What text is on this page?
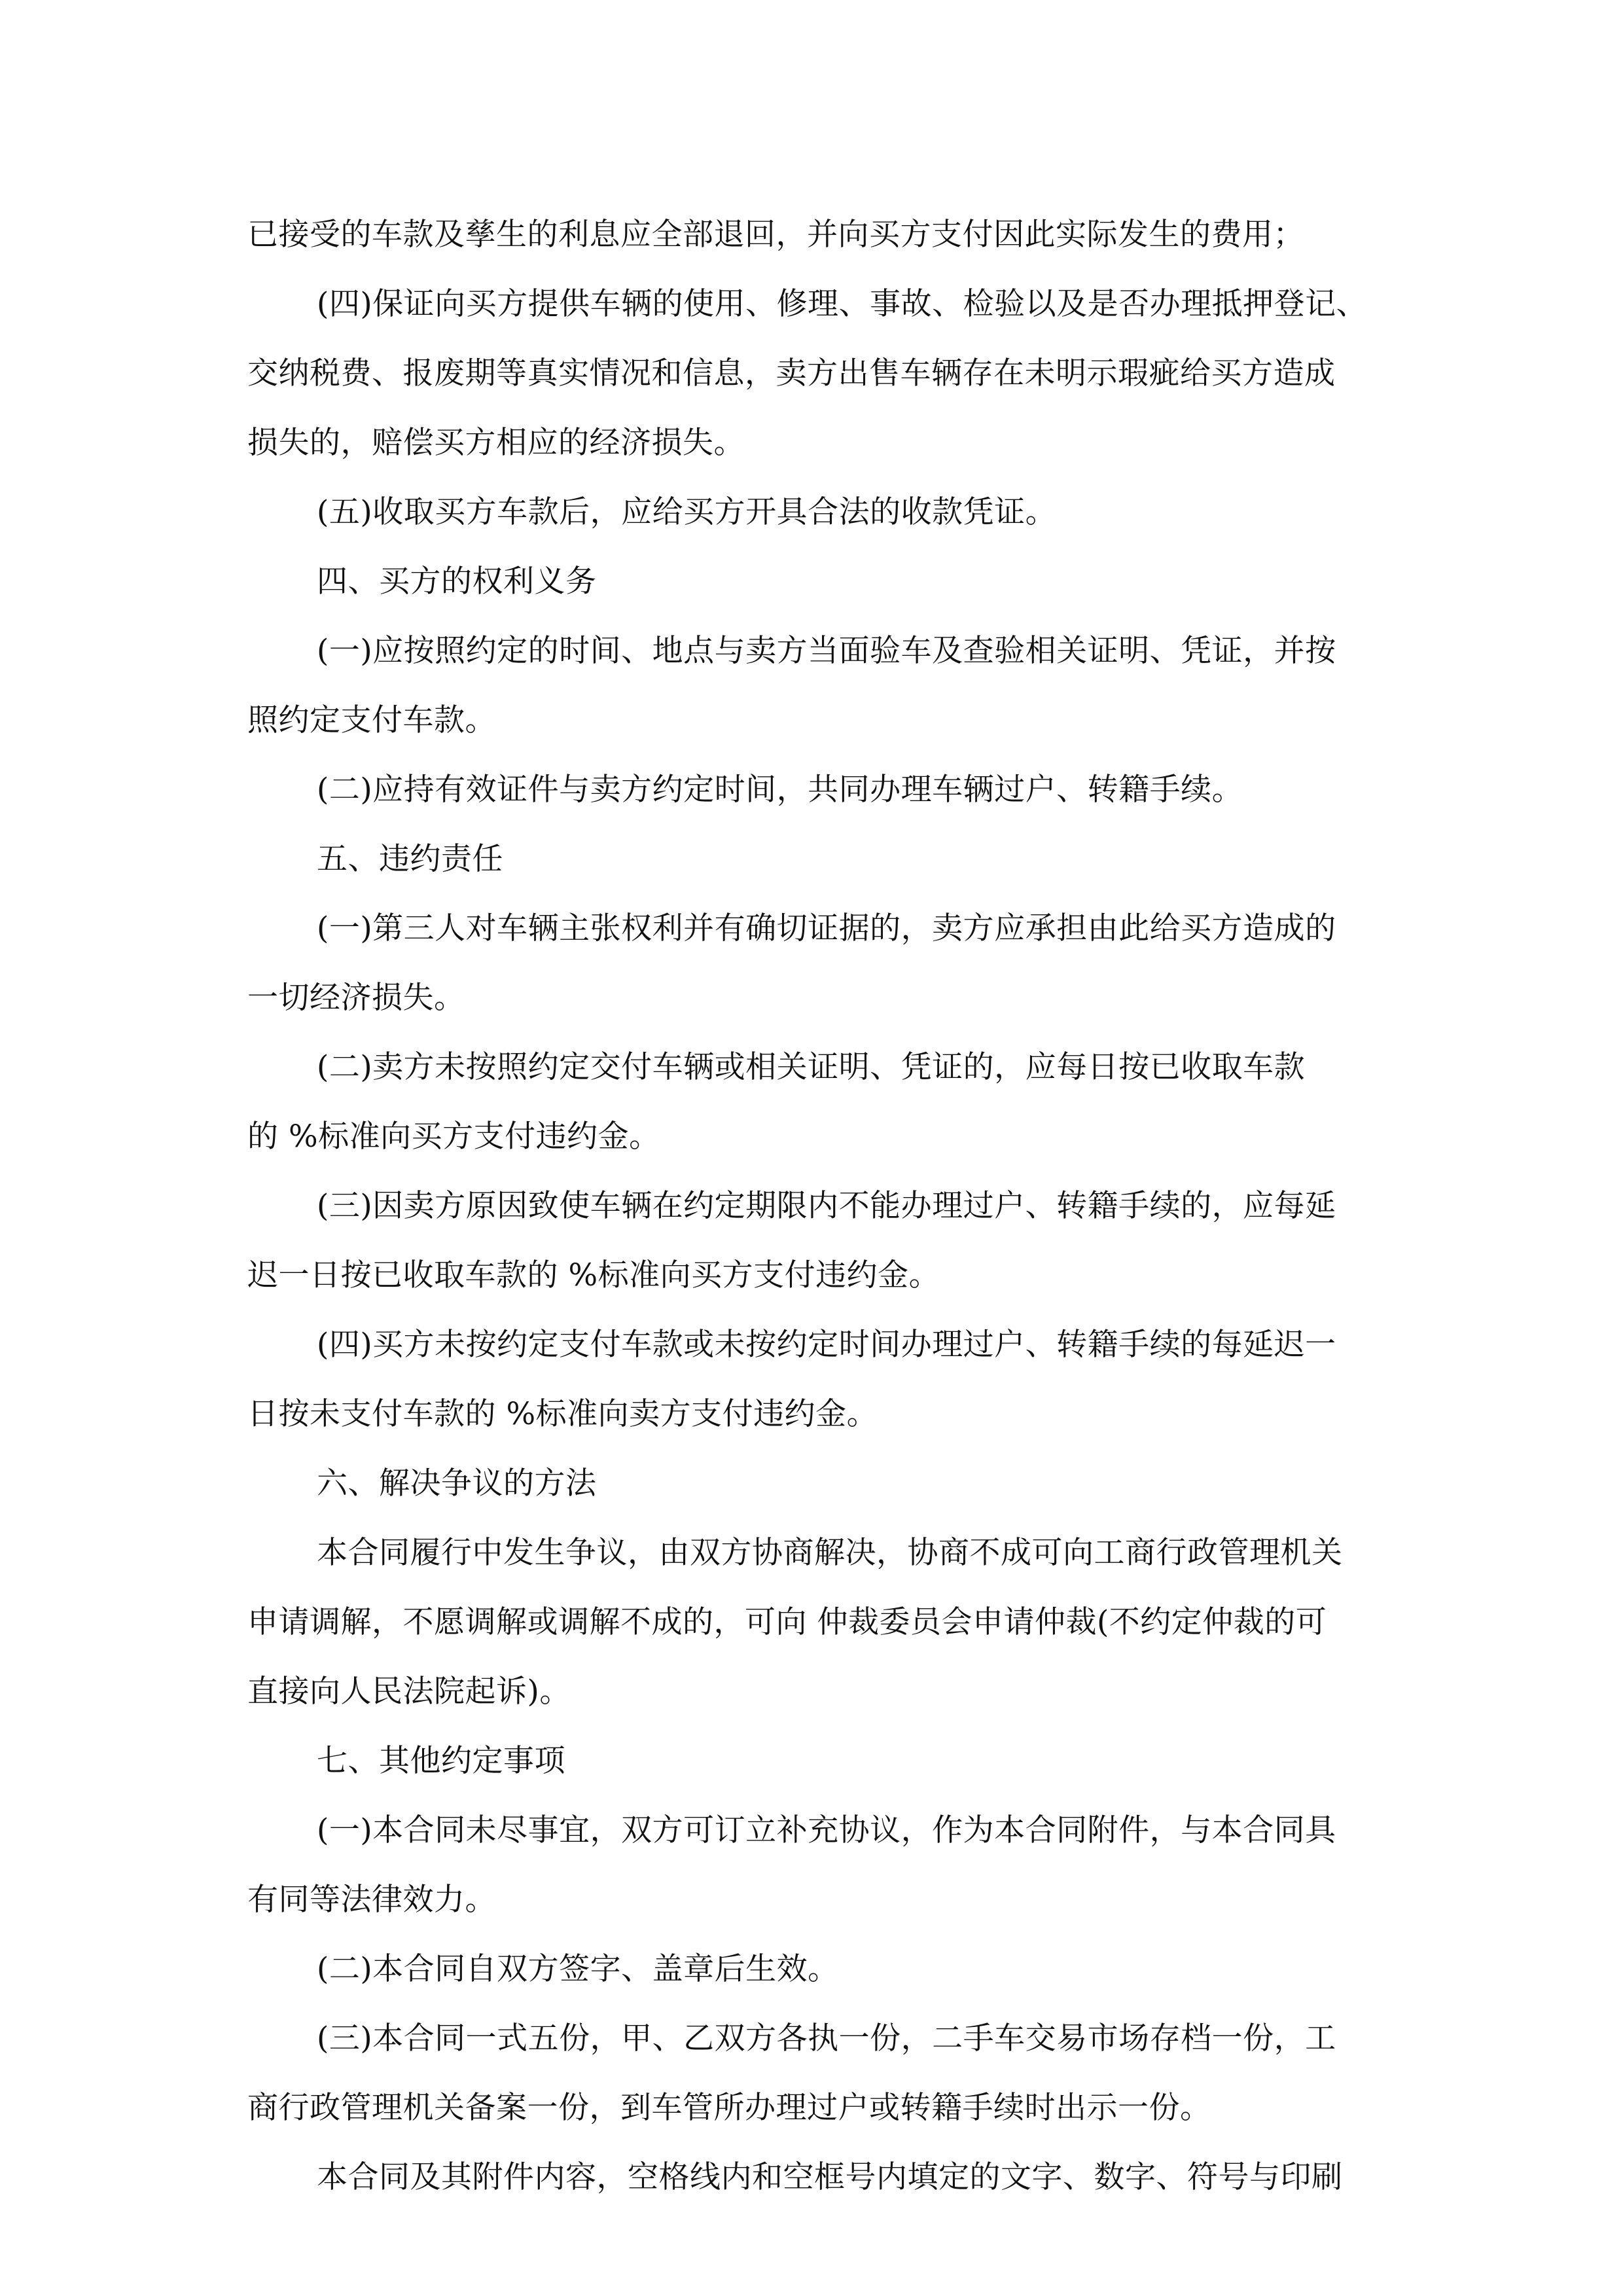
已接受的车款及孳生的利息应全部退回，并向买方支付因此实际发生的费用；
(四)保证向买方提供车辆的使用、修理、事故、检验以及是否办理抵押登记、
交纳税费、报废期等真实情况和信息，卖方出售车辆存在未明示瑕疵给买方造成
损失的，赔偿买方相应的经济损失。
(五)收取买方车款后，应给买方开具合法的收款凭证。
四、买方的权利义务
(一)应按照约定的时间、地点与卖方当面验车及查验相关证明、凭证，并按
照约定支付车款。
(二)应持有效证件与卖方约定时间，共同办理车辆过户、转籍手续。
五、违约责任
(一)第三人对车辆主张权利并有确切证据的，卖方应承担由此给买方造成的
一切经济损失。
(二)卖方未按照约定交付车辆或相关证明、凭证的，应每日按已收取车款
的 %标准向买方支付违约金。
(三)因卖方原因致使车辆在约定期限内不能办理过户、转籍手续的，应每延
迟一日按已收取车款的 %标准向买方支付违约金。
(四)买方未按约定支付车款或未按约定时间办理过户、转籍手续的每延迟一
日按未支付车款的 %标准向卖方支付违约金。
六、解决争议的方法
本合同履行中发生争议，由双方协商解决，协商不成可向工商行政管理机关
申请调解，不愿调解或调解不成的，可向 仲裁委员会申请仲裁(不约定仲裁的可
直接向人民法院起诉)。
七、其他约定事项
(一)本合同未尽事宜，双方可订立补充协议，作为本合同附件，与本合同具
有同等法律效力。
(二)本合同自双方签字、盖章后生效。
(三)本合同一式五份，甲、乙双方各执一份，二手车交易市场存档一份，工
商行政管理机关备案一份，到车管所办理过户或转籍手续时出示一份。
本合同及其附件内容，空格线内和空框号内填定的文字、数字、符号与印刷
